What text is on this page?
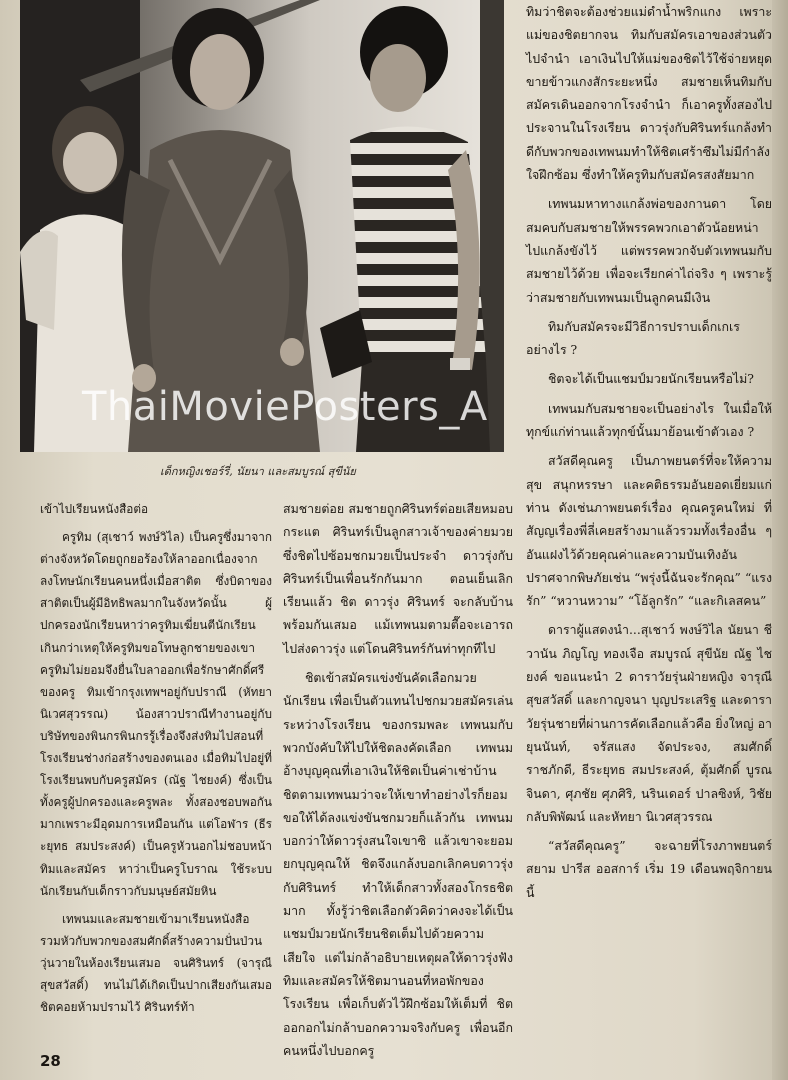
ThaiMoviePosters_A
เด็กหญิงเชอร์รี่, นัยนา และสมบูรณ์ สุขีนัย

เข้าไปเรียนหนังสือต่อ

ครูทิม (สุเชาว์ พงษ์วิไล) เป็นครูซึ่งมาจากต่างจังหวัดโดยถูกยอร้องให้ลาออกเนื่องจากลงโทษนักเรียนคนหนึ่งเมื่อสาติต ซึ่งบิดาของสาติตเป็นผู้มีอิทธิพลมากในจังหวัดนั้น ผู้ปกครองนักเรียนหาว่าครูทิมเฆี่ยนตีนักเรียนเกินกว่าเหตุให้ครูทิมขอโทษลูกชายของเขา ครูทิมไม่ยอมจึงยื่นใบลาออกเพื่อรักษาศักดิ์ศรีของครู ทิมเข้ากรุงเทพฯอยู่กับปราณี (หัทยา นิเวศสุวรรณ) น้องสาวปราณีทำงานอยู่กับบริษัทของพินกรพินกรรู้เรื่องจึงส่งทิมไปสอนที่โรงเรียนช่างก่อสร้างของตนเอง เมื่อทิมไปอยู่ที่โรงเรียนพบกับครูสมัคร (ณัฐ ไชยงค์) ซึ่งเป็นทั้งครูผู้ปกครองและครูพละ ทั้งสองชอบพอกันมากเพราะมีอุดมการเหมือนกัน แต่โอฬาร (ธีระยุทธ สมประสงค์) เป็นครูหัวนอกไม่ชอบหน้าทิมและสมัคร หาว่าเป็นครูโบราณ ใช้ระบบนักเรียนกับเด็กราวกับมนุษย์สมัยหิน

เทพนมและสมชายเข้ามาเรียนหนังสือรวมหัวกับพวกของสมศักดิ์สร้างความปั่นป่วนวุ่นวายในห้องเรียนเสมอ จนศิรินทร์ (จารุณี สุขสวัสดิ์) ทนไม่ได้เกิดเป็นปากเสียงกันเสมอ ชิตคอยห้ามปรามไว้ ศิรินทร์ท้า

สมชายต่อย สมชายถูกศิรินทร์ต่อยเสียหมอบกระแต ศิรินทร์เป็นลูกสาวเจ้าของค่ายมวยซึ่งชิตไปซ้อมชกมวยเป็นประจำ ดาวรุ่งกับศิรินทร์เป็นเพื่อนรักกันมาก ตอนเย็นเลิกเรียนแล้ว ชิต ดาวรุ่ง ศิรินทร์ จะกลับบ้านพร้อมกันเสมอ แม้เทพนมตามตื๊อจะเอารถไปส่งดาวรุ่ง แต่โดนศิรินทร์กันท่าทุกทีไป

ชิตเข้าสมัครแข่งขันคัดเลือกมวยนักเรียน เพื่อเป็นตัวแทนไปชกมวยสมัครเล่นระหว่างโรงเรียน ของกรมพละ เทพนมกับพวกบังคับให้ไปให้ชิตลงคัดเลือก เทพนมอ้างบุญคุณที่เอาเงินให้ชิตเป็นค่าเช่าบ้าน ชิตตามเทพนมว่าจะให้เขาทำอย่างไรก็ยอม ขอให้ได้ลงแข่งขันชกมวยก็แล้วกัน เทพนมบอกว่าให้ดาวรุ่งสนใจเขาซิ แล้วเขาจะยอมยกบุญคุณให้ ชิตจึงแกล้งบอกเลิกคบดาวรุ่งกับศิรินทร์ ทำให้เด็กสาวทั้งสองโกรธชิตมาก ทั้งรู้ว่าชิตเลือกตัวคิดว่าคงจะได้เป็นแชมป์มวยนักเรียนชิตเต็มไปด้วยความเสียใจ แต่ไม่กล้าอธิบายเหตุผลให้ดาวรุ่งฟัง ทิมและสมัครให้ชิตมานอนที่หอพักของโรงเรียน เพื่อเก็บตัวไว้ฝึกซ้อมให้เต็มที่ ชิตออกอกไม่กล้าบอกความจริงกับครู เพื่อนอีกคนหนึ่งไปบอกครู

ทิมว่าชิตจะต้องช่วยแม่ดำน้ำพริกแกง เพราะแม่ของชิตยากจน ทิมกับสมัครเอาของส่วนตัวไปจำนำ เอาเงินไปให้แม่ของชิตไว้ใช้จ่ายหยุดขายข้าวแกงสักระยะหนึ่ง สมชายเห็นทิมกับสมัครเดินออกจากโรงจำนำ ก็เอาครูทั้งสองไปประจานในโรงเรียน ดาวรุ่งกับศิรินทร์แกล้งทำดีกับพวกของเทพนมทำให้ชิตเศร้าซึมไม่มีกำลังใจฝึกซ้อม ซึ่งทำให้ครูทิมกับสมัครสงสัยมาก

เทพนมหาทางแกล้งพ่อของกานดา โดยสมคบกับสมชายให้พรรคพวกเอาตัวน้อยหน่าไปแกล้งขังไว้ แต่พรรคพวกจับตัวเทพนมกับสมชายไว้ด้วย เพื่อจะเรียกค่าไถ่จริง ๆ เพราะรู้ว่าสมชายกับเทพนมเป็นลูกคนมีเงิน

ทิมกับสมัครจะมีวิธีการปราบเด็กเกเรอย่างไร ?

ชิตจะได้เป็นแชมป์มวยนักเรียนหรือไม่?

เทพนมกับสมชายจะเป็นอย่างไร ในเมื่อให้ทุกข์แก่ท่านแล้วทุกข์นั้นมาย้อนเข้าตัวเอง ?

สวัสดีคุณครู เป็นภาพยนตร์ที่จะให้ความสุข สนุกหรรษา และคติธรรมอันยอดเยี่ยมแก่ท่าน ดังเช่นภาพยนตร์เรื่อง คุณครูคนใหม่ ที่สัญญเรื่องพี่ลี่เคยสร้างมาแล้วรวมทั้งเรื่องอื่น ๆ อันแฝงไว้ด้วยคุณค่าและความบันเทิงอันปราศจากพิษภัยเช่น “พรุ่งนี้ฉันจะรักคุณ” “แรงรัก” “หวานหวาม” “โอ้ลูกรัก” “และกิเลสคน”

ดาราผู้แสดงนำ...สุเชาว์ พงษ์วิไล นัยนา ชีวานัน ภิญโญ ทองเจือ สมบูรณ์ สุขีนัย ณัฐ ไชยงค์ ขอแนะนำ 2 ดาราวัยรุ่นฝ่ายหญิง จารุณี สุขสวัสดิ์ และกาญจนา บุญประเสริฐ และดาราวัยรุ่นชายที่ผ่านการคัดเลือกแล้วคือ ยิ่งใหญ่ อายุนนันท์, จรัสแสง จัดประจง, สมศักดิ์ ราชภักดี, ธีระยุทธ สมประสงค์, ตุ้มศักดิ์ บูรณจินดา, ศุภชัย ศุภศิริ, นรินเดอร์ ปาลซิงห์, วิชัย กลับพิพัฒน์ และหัทยา นิเวศสุวรรณ

“สวัสดีคุณครู” จะฉายที่โรงภาพยนตร์สยาม ปารีส ออสการ์ เริ่ม 19 เดือนพฤจิกายนนี้

28
